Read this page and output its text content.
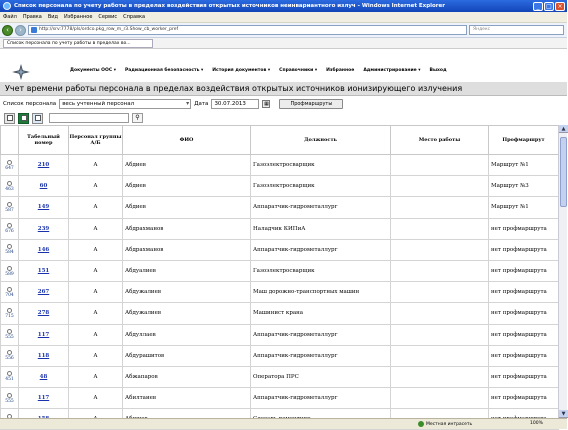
Список персонала по учету работы в пределах воздействия открытых источников неинвариантного излуч - Windows Internet Explorer	_	□ ×
Файл Правка Вид Избранное Сервис Справка
‹	›	http://srv:7778/pls/ordco.pkg_row_m_r3.Show_cb_worker_pref	Яндекс
Список персонала по учету работы в пределах во...
Документы ООС ▾ Радиационная безопасность ▾ История документов ▾ Справочники ▾ Избранное Администрирование ▾ Выход
Учет времени работы персонала в пределах воздействия открытых источников ионизирующего излучения
Список персонала	весь учтенный персонал ▾	Дата	30.07.2013	▦	Профмаршруты
⚲
	Табельный номер	Персонал группы А/Б	ФИО	Должность	Место работы	Профмаршрут

647	210	А	Абдиев	Газоэлектросварщик		Маршрут №1

463	60	А	Абдиев	Газоэлектросварщик		Маршрут №3

587	149	А	Абдиев	Аппаратчик-гидрометаллург		Маршрут №1

676	239	А	Абдрахманов	Наладчик КИПиА		нет профмаршрута

584	146	А	Абдрахманов	Аппаратчик-гидрометаллург		нет профмаршрута

589	151	А	Абдуалиев	Газоэлектросварщик		нет профмаршрута

704	267	А	Абдужалиев	Маш дорожно-транспортных машин		нет профмаршрута

715	278	А	Абдужалиев	Машинист крана		нет профмаршрута

555	117	А	Абдуллаев	Аппаратчик-гидрометаллург		нет профмаршрута

556	118	А	Абдурашитов	Аппаратчик-гидрометаллург		нет профмаршрута

451	48	А	Абжапаров	Оператора ПРС		нет профмаршрута

555	117	А	Абилтаиев	Аппаратчик-гидрометаллург		нет профмаршрута

▲
▼
Местная интрасеть	100%
